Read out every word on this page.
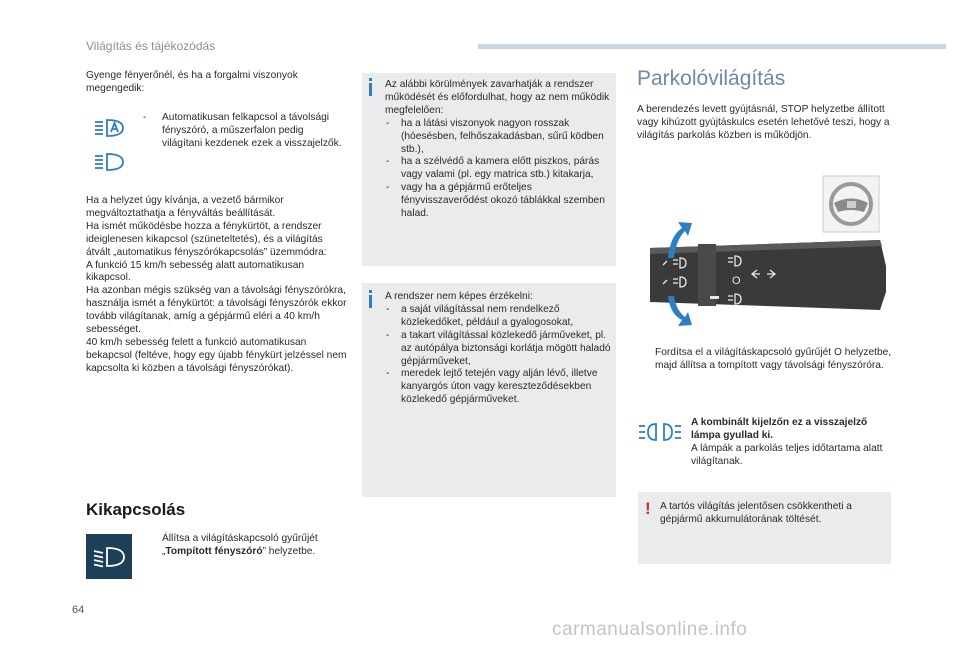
Világítás és tájékozódás
Gyenge fényerőnél, és ha a forgalmi viszonyok megengedik:
- Automatikusan felkapcsol a távolsági fényszóró, a műszerfalon pedig világítani kezdenek ezek a visszajelzők.
Ha a helyzet úgy kívánja, a vezető bármikor megváltoztathatja a fényváltás beállítását.
Ha ismét működésbe hozza a fénykürtöt, a rendszer ideiglenesen kikapcsol (szüneteltetés), és a világítás átvált „automatikus fényszórókapcsolás” üzemmódra:
A funkció 15 km/h sebesség alatt automatikusan kikapcsol.
Ha azonban mégis szükség van a távolsági fényszórókra, használja ismét a fénykürtöt: a távolsági fényszórók ekkor tovább világítanak, amíg a gépjármű eléri a 40 km/h sebességet.
40 km/h sebesség felett a funkció automatikusan bekapcsol (feltéve, hogy egy újabb fénykürt jelzéssel nem kapcsolta ki közben a távolsági fényszórókat).
Kikapcsolás
Állítsa a világításkapcsoló gyűrűjét „Tompított fényszóró” helyzetbe.
Az alábbi körülmények zavarhatják a rendszer működését és előfordulhat, hogy az nem működik megfelelően:
- ha a látási viszonyok nagyon rosszak (hóesésben, felhőszakadásban, sűrű ködben stb.),
- ha a szélvédő a kamera előtt piszkos, párás vagy valami (pl. egy matrica stb.) kitakarja,
- vagy ha a gépjármű erőteljes fényvisszaverődést okozó táblákkal szemben halad.
A rendszer nem képes érzékelni:
- a saját világítással nem rendelkező közlekedőket, például a gyalogosokat,
- a takart világítással közlekedő járműveket, pl. az autópálya biztonsági korlátja mögött haladó gépjárműveket,
- meredek lejtő tetején vagy alján lévő, illetve kanyargós úton vagy kereszteződésekben közlekedő gépjárműveket.
Parkolóvilágítás
A berendezés levett gyújtásnál, STOP helyzetbe állított vagy kihúzott gyújtáskulcs esetén lehetővé teszi, hogy a világítás parkolás közben is működjön.
O
Fordítsa el a világításkapcsoló gyűrűjét O helyzetbe, majd állítsa a tompított vagy távolsági fényszóróra.
A kombinált kijelzőn ez a visszajelző lámpa gyullad ki.
A lámpák a parkolás teljes időtartama alatt világítanak.
! A tartós világítás jelentősen csökkentheti a gépjármű akkumulátorának töltését.
64
carmanualsonline.info
